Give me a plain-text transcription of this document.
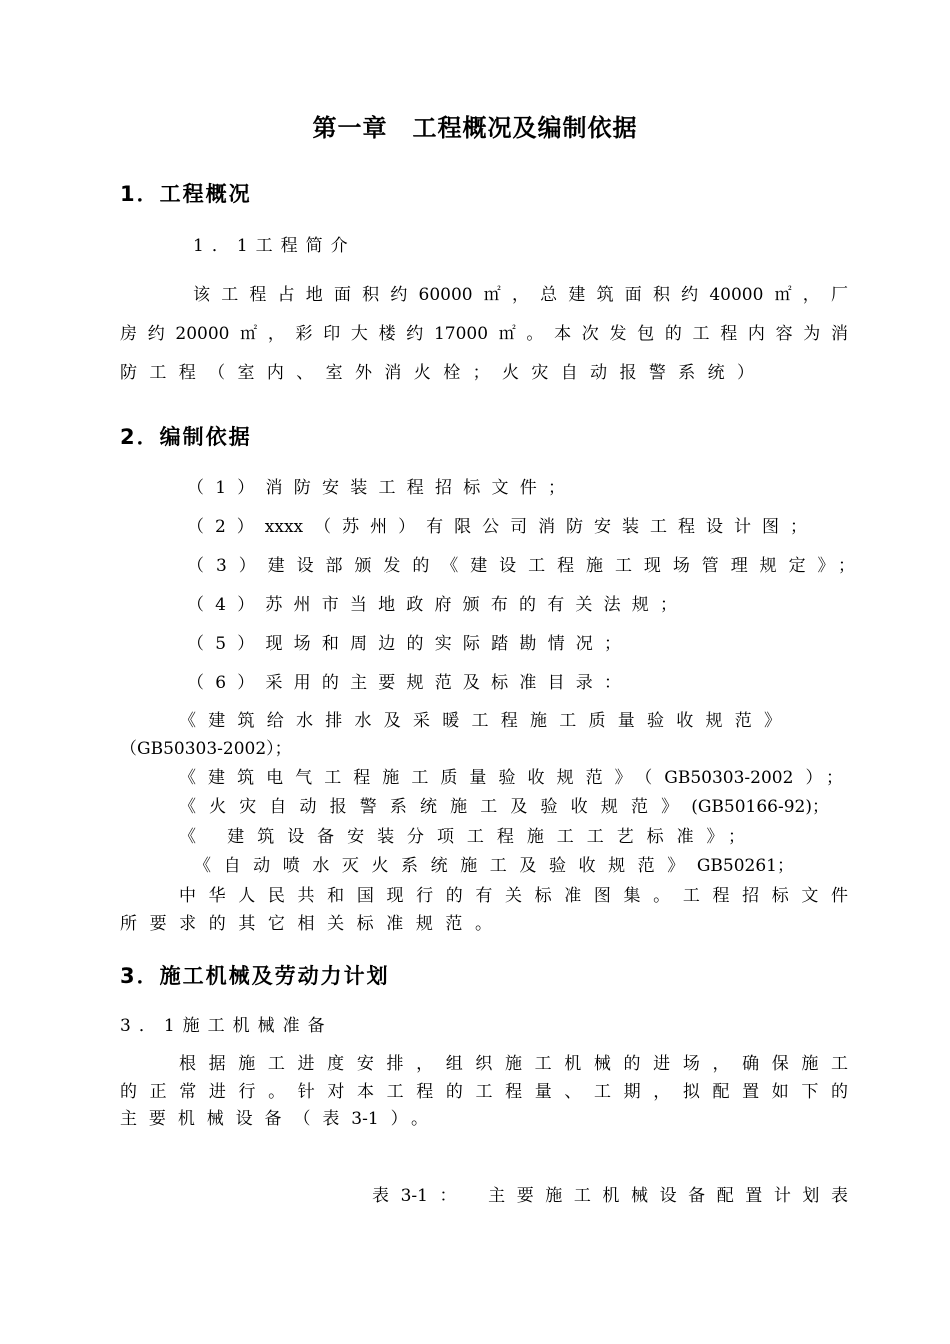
第一章　工程概况及编制依据
1．工程概况
1．1工程简介
该工程占地面积约60000㎡，总建筑面积约40000㎡，厂
房约20000㎡，彩印大楼约17000㎡。本次发包的工程内容为消
防工程（室内、室外消火栓；火灾自动报警系统）
2．编制依据
（1）消防安装工程招标文件；
（2）xxxx（苏州）有限公司消防安装工程设计图；
（3）建设部颁发的《建设工程施工现场管理规定》；
（4）苏州市当地政府颁布的有关法规；
（5）现场和周边的实际踏勘情况；
（6）采用的主要规范及标准目录：
《建筑给水排水及采暖工程施工质量验收规范》
（GB50303-2002）；
《建筑电气工程施工质量验收规范》（GB50303-2002）；
《火灾自动报警系统施工及验收规范》(GB50166-92)；
《 建筑设备安装分项工程施工工艺标准》；
《自动喷水灭火系统施工及验收规范》GB50261；
中华人民共和国现行的有关标准图集。工程招标文件
所要求的其它相关标准规范。
3．施工机械及劳动力计划
3．1施工机械准备
根据施工进度安排，组织施工机械的进场，确保施工
的正常进行。针对本工程的工程量、工期，拟配置如下的
主要机械设备（表3-1）。
表3-1：　主要施工机械设备配置计划表
